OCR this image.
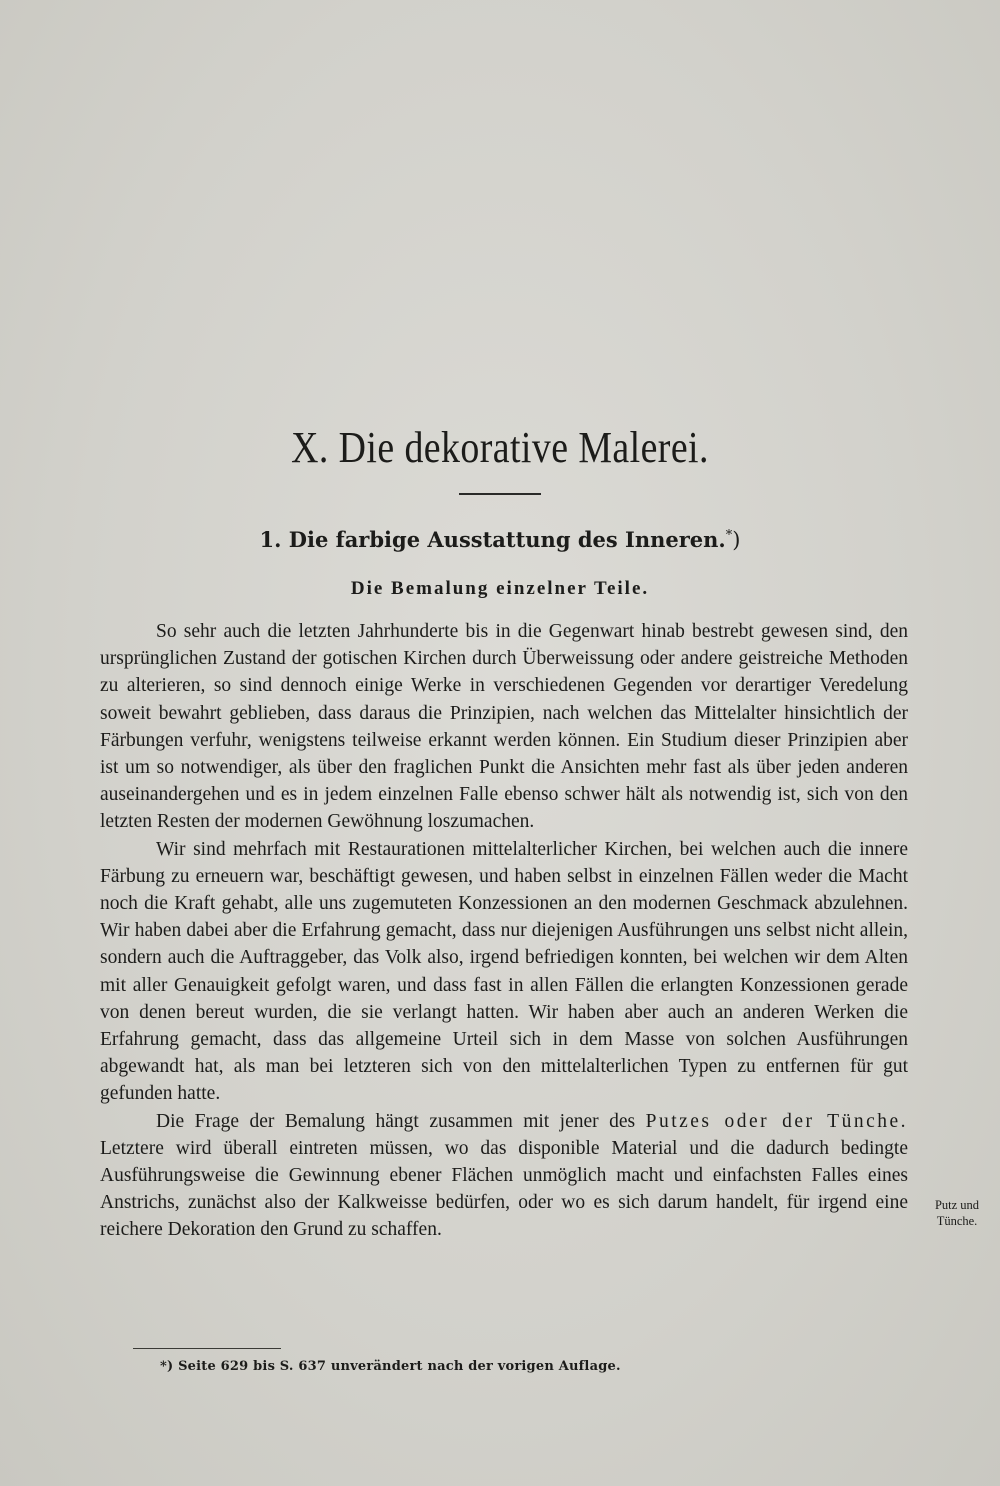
X. Die dekorative Malerei.
1. Die farbige Ausstattung des Inneren.*)
Die Bemalung einzelner Teile.

So sehr auch die letzten Jahrhunderte bis in die Gegenwart hinab bestrebt gewesen sind, den ursprünglichen Zustand der gotischen Kirchen durch Überweissung oder andere geistreiche Methoden zu alterieren, so sind dennoch einige Werke in verschiedenen Gegenden vor derartiger Veredelung soweit bewahrt geblieben, dass daraus die Prinzipien, nach welchen das Mittelalter hinsichtlich der Färbungen verfuhr, wenigstens teilweise erkannt werden können. Ein Studium dieser Prinzipien aber ist um so notwendiger, als über den fraglichen Punkt die Ansichten mehr fast als über jeden anderen auseinandergehen und es in jedem einzelnen Falle ebenso schwer hält als notwendig ist, sich von den letzten Resten der modernen Gewöhnung loszumachen.

Wir sind mehrfach mit Restaurationen mittelalterlicher Kirchen, bei welchen auch die innere Färbung zu erneuern war, beschäftigt gewesen, und haben selbst in einzelnen Fällen weder die Macht noch die Kraft gehabt, alle uns zugemuteten Konzessionen an den modernen Geschmack abzulehnen. Wir haben dabei aber die Erfahrung gemacht, dass nur diejenigen Ausführungen uns selbst nicht allein, sondern auch die Auftraggeber, das Volk also, irgend befriedigen konnten, bei welchen wir dem Alten mit aller Genauigkeit gefolgt waren, und dass fast in allen Fällen die erlangten Konzessionen gerade von denen bereut wurden, die sie verlangt hatten. Wir haben aber auch an anderen Werken die Erfahrung gemacht, dass das allgemeine Urteil sich in dem Masse von solchen Ausführungen abgewandt hat, als man bei letzteren sich von den mittelalterlichen Typen zu entfernen für gut gefunden hatte.

Die Frage der Bemalung hängt zusammen mit jener des Putzes oder der Tünche. Letztere wird überall eintreten müssen, wo das disponible Material und die dadurch bedingte Ausführungsweise die Gewinnung ebener Flächen unmöglich macht und einfachsten Falles eines Anstrichs, zunächst also der Kalkweisse bedürfen, oder wo es sich darum handelt, für irgend eine reichere Dekoration den Grund zu schaffen.

Putz und
Tünche.
*) Seite 629 bis S. 637 unverändert nach der vorigen Auflage.
